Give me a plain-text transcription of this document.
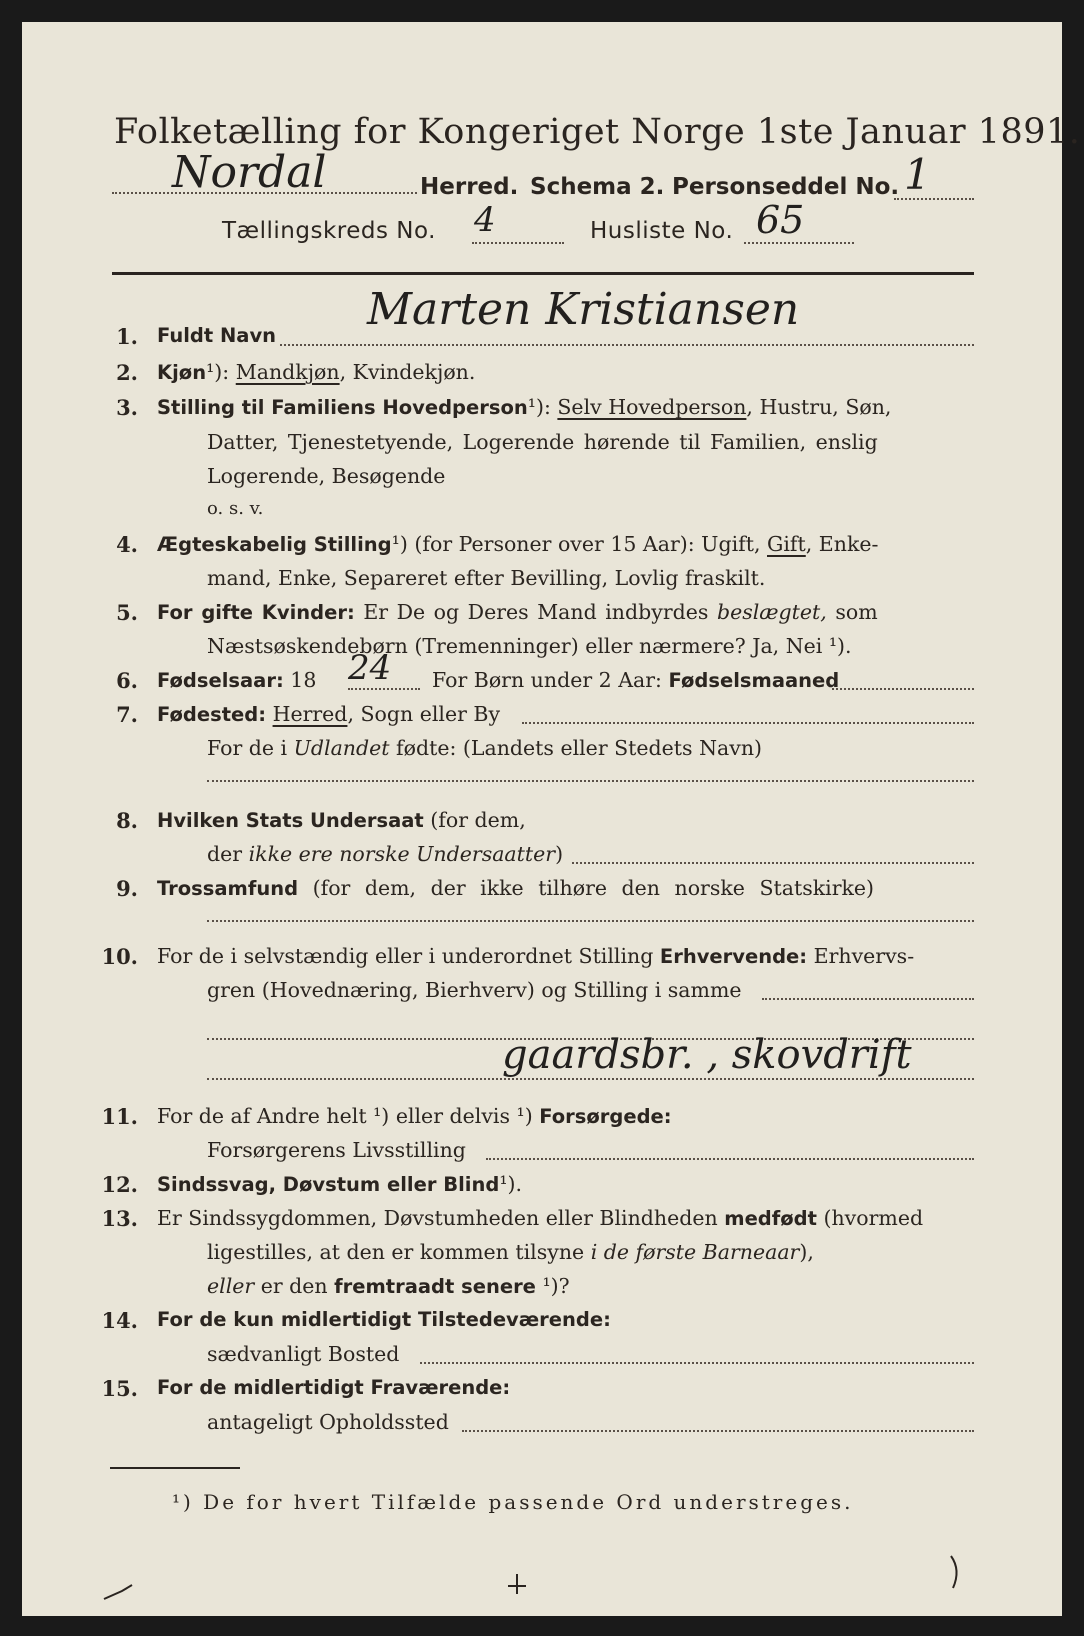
Folketælling for Kongeriget Norge 1ste Januar 1891.
Nordal	Herred. Schema 2. Personseddel No. 1
Tællingskreds No. 4	Husliste No. 65
1. Fuldt Navn
Marten Kristiansen
2. Kjøn¹): Mandkjøn, Kvindekjøn.
3. Stilling til Familiens Hovedperson¹): Selv Hovedperson, Hustru, Søn,
Datter, Tjenestetyende, Logerende hørende til Familien, enslig
Logerende, Besøgende
o. s. v.
4. Ægteskabelig Stilling¹) (for Personer over 15 Aar): Ugift, Gift, Enke-
mand, Enke, Separeret efter Bevilling, Lovlig fraskilt.
5. For gifte Kvinder: Er De og Deres Mand indbyrdes beslægtet, som
Næstsøskendebørn (Tremenninger) eller nærmere? Ja, Nei ¹).
6. Fødselsaar: 18 24 For Børn under 2 Aar: Fødselsmaaned
7. Fødested: Herred, Sogn eller By
For de i Udlandet fødte: (Landets eller Stedets Navn)
8. Hvilken Stats Undersaat (for dem,
der ikke ere norske Undersaatter)
9. Trossamfund (for dem, der ikke tilhøre den norske Statskirke)
10. For de i selvstændig eller i underordnet Stilling Erhvervende: Erhvervs-
gren (Hovednæring, Bierhverv) og Stilling i samme
gaardsbr. , skovdrift
11. For de af Andre helt ¹) eller delvis ¹) Forsørgede:
Forsørgerens Livsstilling
12. Sindssvag, Døvstum eller Blind¹).
13. Er Sindssygdommen, Døvstumheden eller Blindheden medfødt (hvormed
ligestilles, at den er kommen tilsyne i de første Barneaar),
eller er den fremtraadt senere ¹)?
14. For de kun midlertidigt Tilstedeværende:
sædvanligt Bosted
15. For de midlertidigt Fraværende:
antageligt Opholdssted
¹) De for hvert Tilfælde passende Ord understreges.
